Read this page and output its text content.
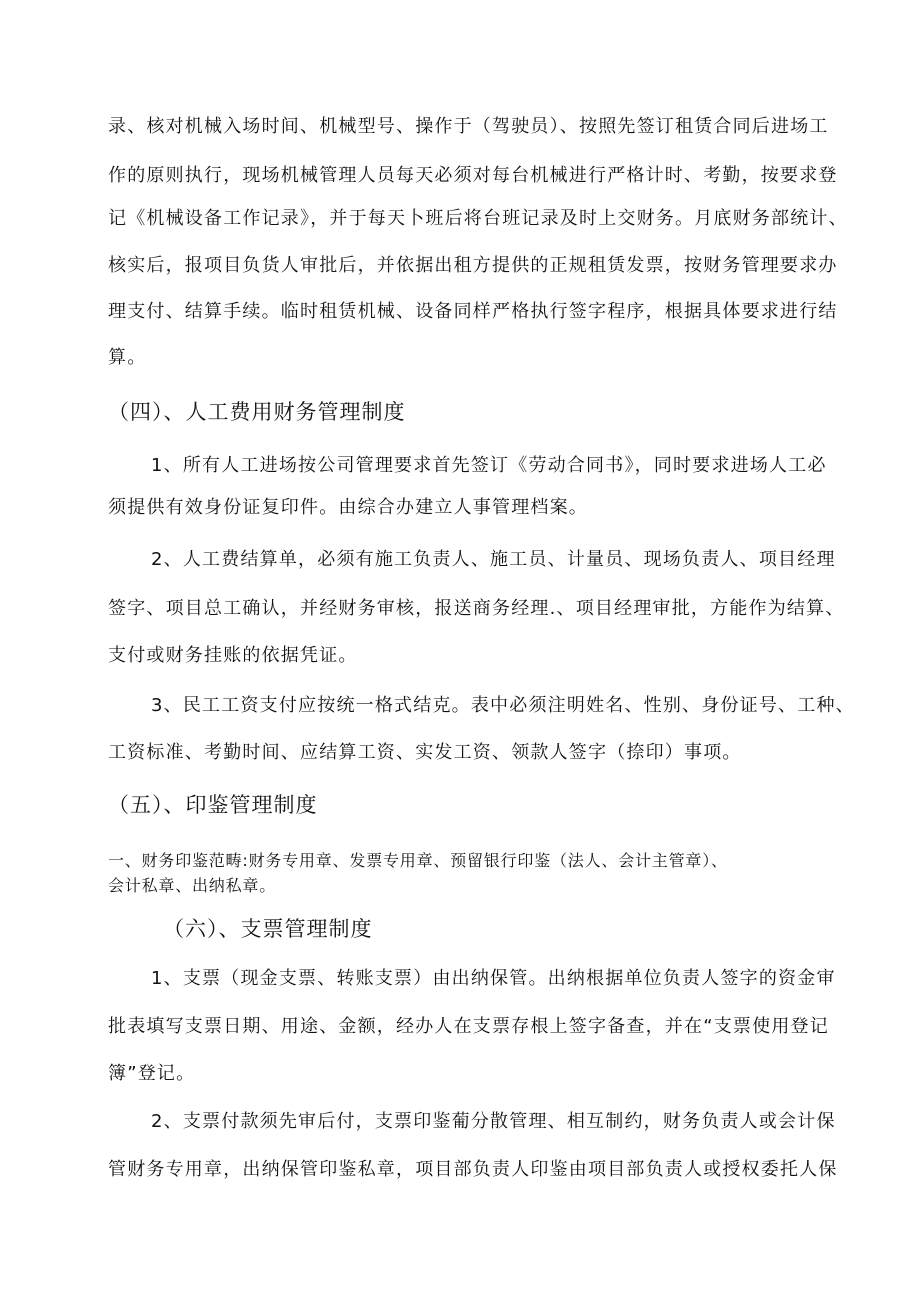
录、核对机械入场时间、机械型号、操作于（驾驶员）、按照先签订租赁合同后进场工
作的原则执行，现场机械管理人员每天必须对每台机械进行严格计时、考勤，按要求登
记《机械设备工作记录》，并于每天卜班后将台班记录及时上交财务。月底财务部统计、
核实后，报项目负货人审批后，并依据出租方提供的正规租赁发票，按财务管理要求办
理支付、结算手续。临时租赁机械、设备同样严格执行签字程序，根据具体要求进行结
算。
（四）、人工费用财务管理制度
1、所有人工进场按公司管理要求首先签订《劳动合同书》，同时要求进场人工必
须提供有效身份证复印件。由综合办建立人事管理档案。
2、人工费结算单，必须有施工负责人、施工员、计量员、现场负责人、项目经理
签字、项目总工确认，并经财务审核，报送商务经理.、项目经理审批，方能作为结算、
支付或财务挂账的依据凭证。
3、民工工资支付应按统一格式结克。表中必须注明姓名、性别、身份证号、工种、
工资标准、考勤时间、应结算工资、实发工资、领款人签字（捺印）事项。
（五）、印鉴管理制度
一、财务印鉴范畴:财务专用章、发票专用章、预留银行印鉴（法人、会计主管章）、
会计私章、出纳私章。
（六）、支票管理制度
1、支票（现金支票、转账支票）由出纳保管。出纳根据单位负责人签字的资金审
批表填写支票日期、用途、金额，经办人在支票存根上签字备查，并在“支票使用登记
簿”登记。
2、支票付款须先审后付，支票印鉴葡分散管理、相互制约，财务负责人或会计保
管财务专用章，出纳保管印鉴私章，项目部负责人印鉴由项目部负责人或授权委托人保
